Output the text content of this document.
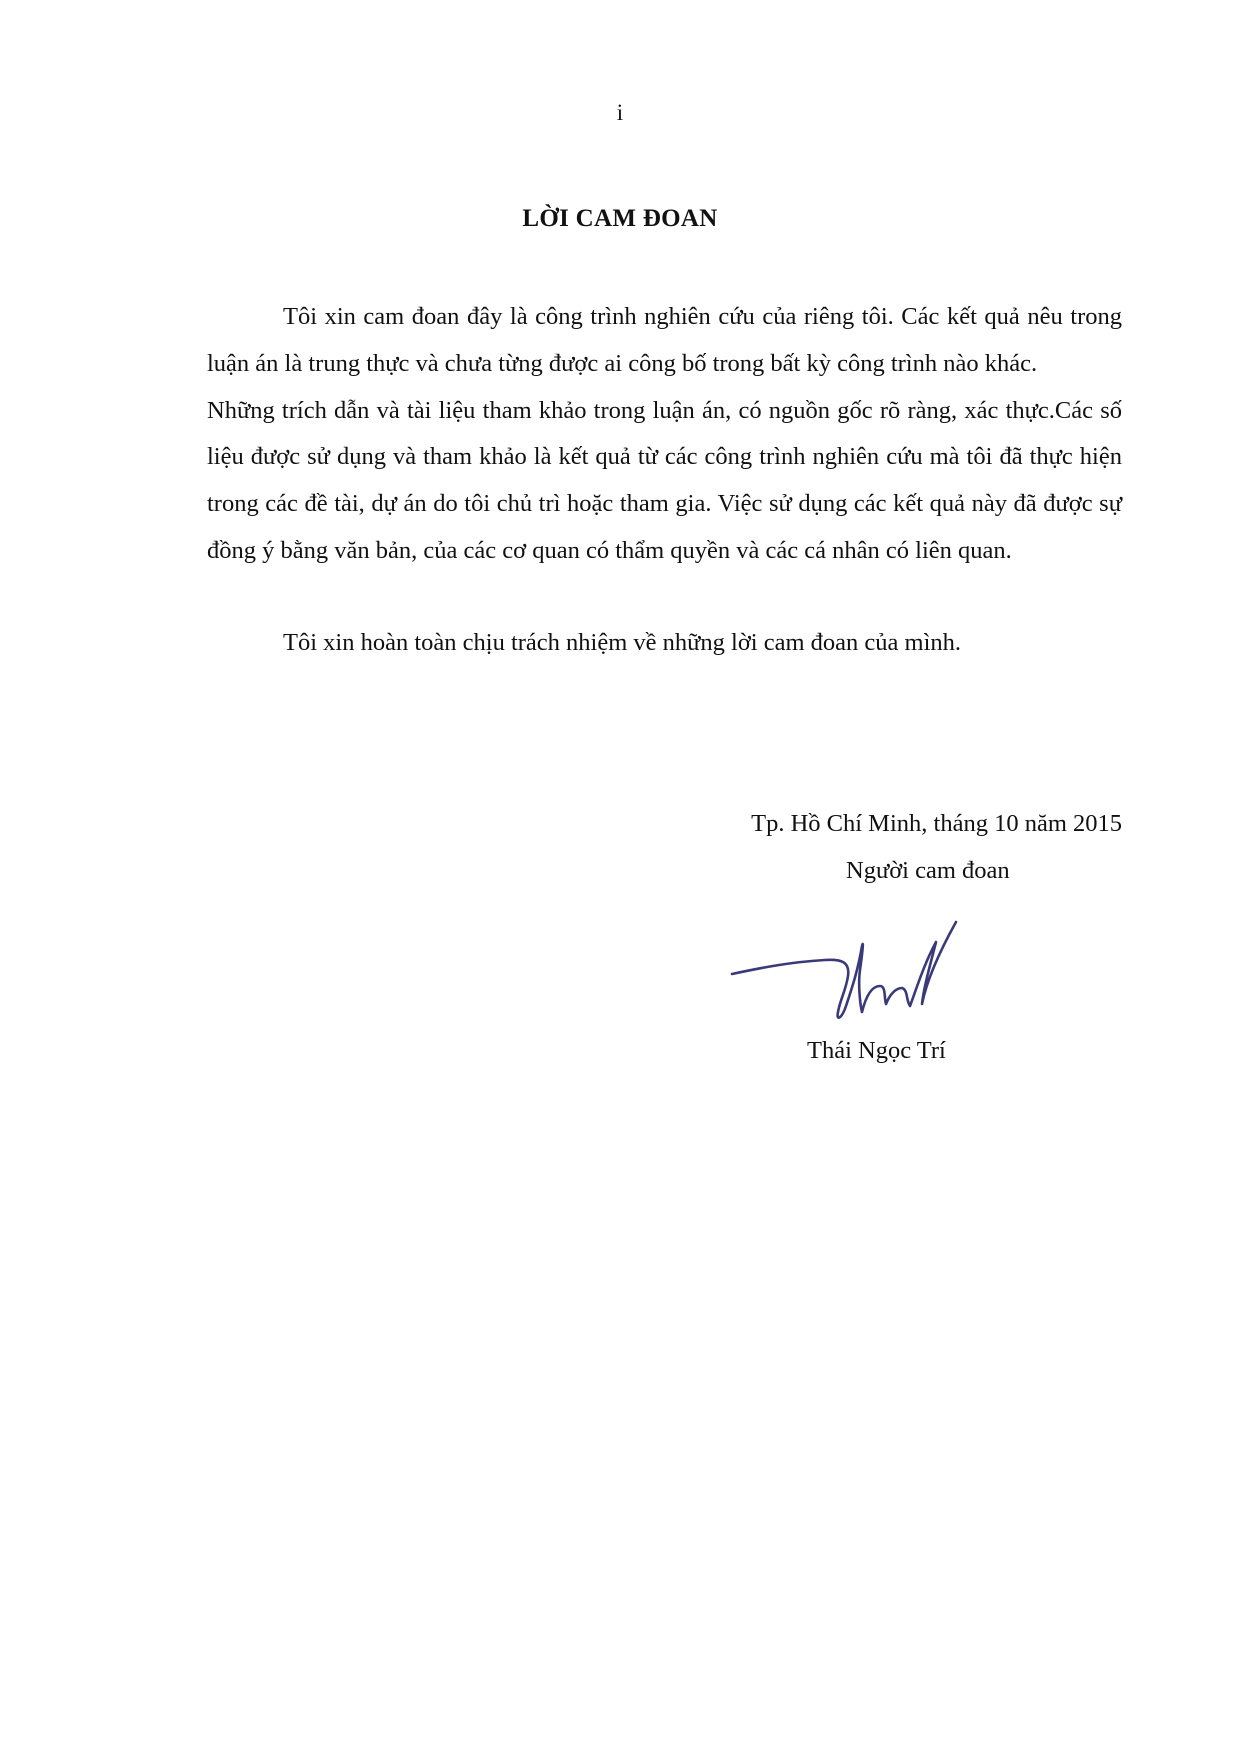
i
LỜI CAM ĐOAN

Tôi xin cam đoan đây là công trình nghiên cứu của riêng tôi. Các kết quả nêu trong luận án là trung thực và chưa từng được ai công bố trong bất kỳ công trình nào khác.

Những trích dẫn và tài liệu tham khảo trong luận án, có nguồn gốc rõ ràng, xác thực.Các số liệu được sử dụng và tham khảo là kết quả từ các công trình nghiên cứu mà tôi đã thực hiện trong các đề tài, dự án do tôi chủ trì hoặc tham gia. Việc sử dụng các kết quả này đã được sự đồng ý bằng văn bản, của các cơ quan có thẩm quyền và các cá nhân có liên quan.

Tôi xin hoàn toàn chịu trách nhiệm về những lời cam đoan của mình.

Tp. Hồ Chí Minh, tháng 10 năm 2015
Người cam đoan
Thái Ngọc Trí
